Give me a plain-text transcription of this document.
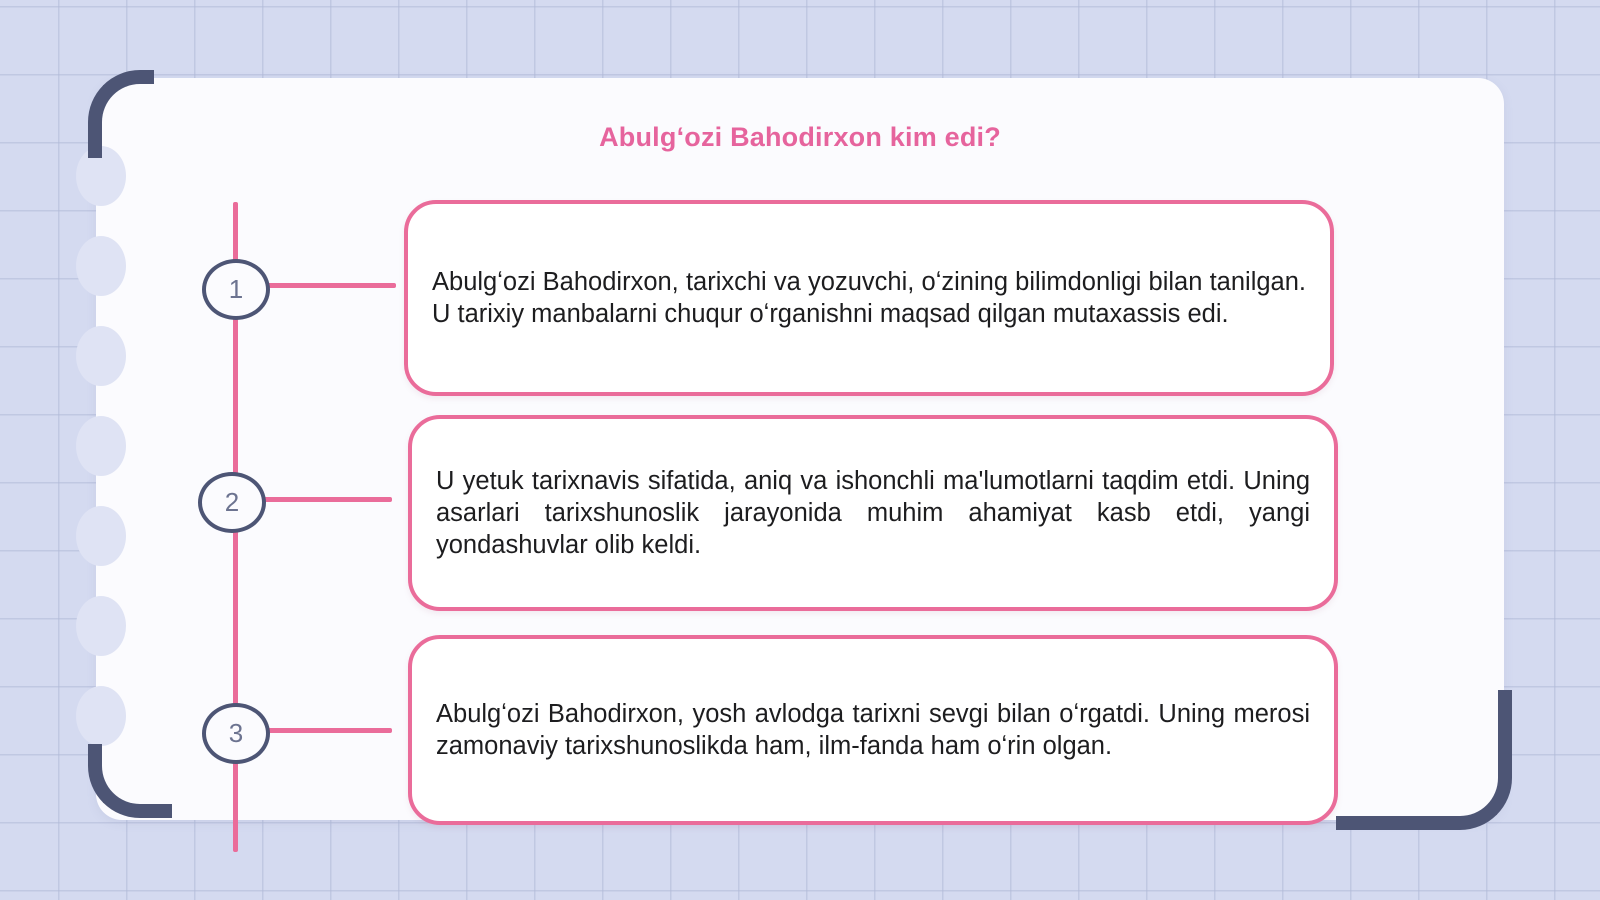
Abulgʻozi Bahodirxon kim edi?
1
2
3
Abulgʻozi Bahodirxon, tarixchi va yozuvchi, oʻzining bilimdonligi bilan tanilgan. U tarixiy manbalarni chuqur oʻrganishni maqsad qilgan mutaxassis edi.
U yetuk tarixnavis sifatida, aniq va ishonchli ma'lumotlarni taqdim etdi. Uning asarlari tarixshunoslik jarayonida muhim ahamiyat kasb etdi, yangi yondashuvlar olib keldi.
Abulgʻozi Bahodirxon, yosh avlodga tarixni sevgi bilan oʻrgatdi. Uning merosi zamonaviy tarixshunoslikda ham, ilm-fanda ham oʻrin olgan.
